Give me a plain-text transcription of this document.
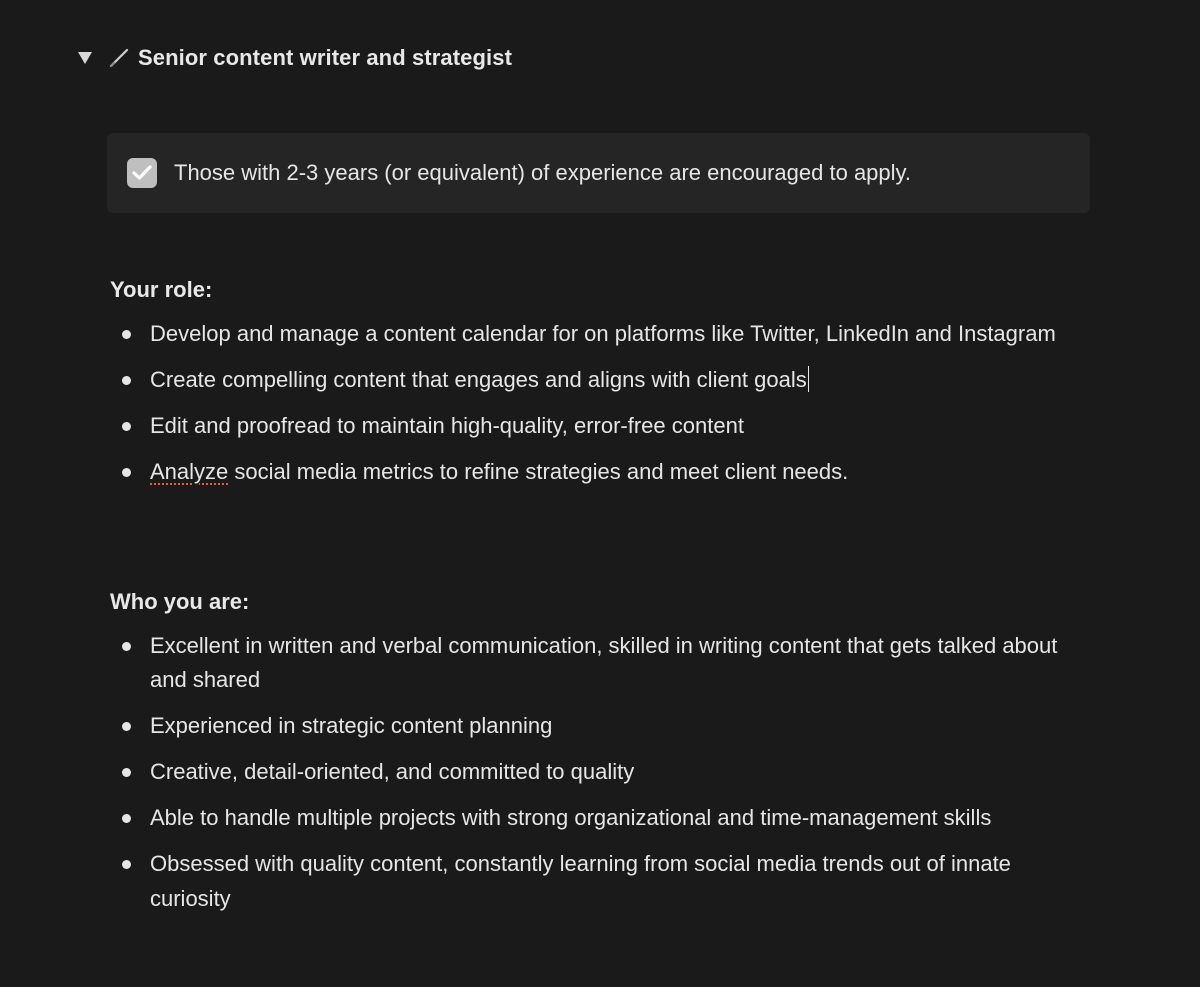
Senior content writer and strategist
Those with 2-3 years (or equivalent) of experience are encouraged to apply.
Your role:
Develop and manage a content calendar for on platforms like Twitter, LinkedIn and Instagram
Create compelling content that engages and aligns with client goals
Edit and proofread to maintain high-quality, error-free content
Analyze social media metrics to refine strategies and meet client needs.
Who you are:
Excellent in written and verbal communication, skilled in writing content that gets talked about and shared
Experienced in strategic content planning
Creative, detail-oriented, and committed to quality
Able to handle multiple projects with strong organizational and time-management skills
Obsessed with quality content, constantly learning from social media trends out of innate curiosity
